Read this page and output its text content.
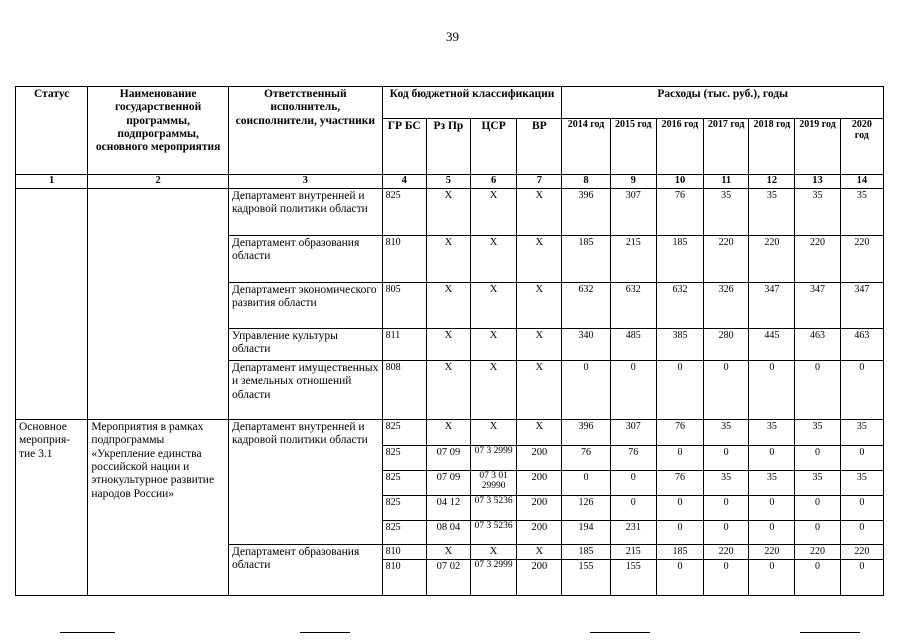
39
Статус	Наименование государственной программы, подпрограммы, основного мероприятия	Ответственный исполнитель, соисполнители, участники	Код бюджетной классификации				Расходы (тыс. руб.), годы						
			ГР БС	Рз Пр	ЦСР	ВР	2014 год	2015 год	2016 год	2017 год	2018 год	2019 год	2020 год
1	2	3	4	5	6	7	8	9	10	11	12	13	14
		Департамент внутренней и кадровой политики области	825	Х	Х	Х	396	307	76	35	35	35	35
		Департамент образования области	810	Х	Х	Х	185	215	185	220	220	220	220
		Департамент экономического развития области	805	Х	Х	Х	632	632	632	326	347	347	347
		Управление культуры области	811	Х	Х	Х	340	485	385	280	445	463	463
		Департамент имущественных и земельных отношений области	808	Х	Х	Х	0	0	0	0	0	0	0
Основное мероприя-тие 3.1	Мероприятия в рамках подпрограммы «Укрепление единства российской нации и этнокультурное развитие народов России»	Департамент внутренней и кадровой политики области	825	Х	Х	Х	396	307	76	35	35	35	35
			825	07 09	07 3 2999	200	76	76	0	0	0	0	0
			825	07 09	07 3 01 29990	200	0	0	76	35	35	35	35
			825	04 12	07 3 5236	200	126	0	0	0	0	0	0
			825	08 04	07 3 5236	200	194	231	0	0	0	0	0
		Департамент образования области	810	Х	Х	Х	185	215	185	220	220	220	220
			810	07 02	07 3 2999	200	155	155	0	0	0	0	0
